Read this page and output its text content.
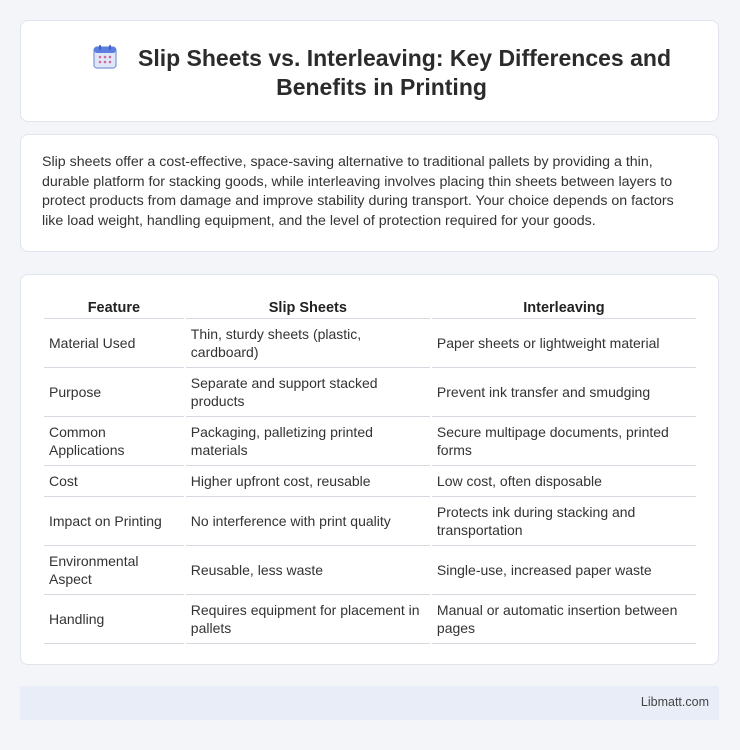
Slip Sheets vs. Interleaving: Key Differences and Benefits in Printing

Slip sheets offer a cost-effective, space-saving alternative to traditional pallets by providing a thin, durable platform for stacking goods, while interleaving involves placing thin sheets between layers to protect products from damage and improve stability during transport. Your choice depends on factors like load weight, handling equipment, and the level of protection required for your goods.

Feature	Slip Sheets	Interleaving
Material Used	Thin, sturdy sheets (plastic, cardboard)	Paper sheets or lightweight material
Purpose	Separate and support stacked products	Prevent ink transfer and smudging
Common Applications	Packaging, palletizing printed materials	Secure multipage documents, printed forms
Cost	Higher upfront cost, reusable	Low cost, often disposable
Impact on Printing	No interference with print quality	Protects ink during stacking and transportation
Environmental Aspect	Reusable, less waste	Single-use, increased paper waste
Handling	Requires equipment for placement in pallets	Manual or automatic insertion between pages
Libmatt.com
